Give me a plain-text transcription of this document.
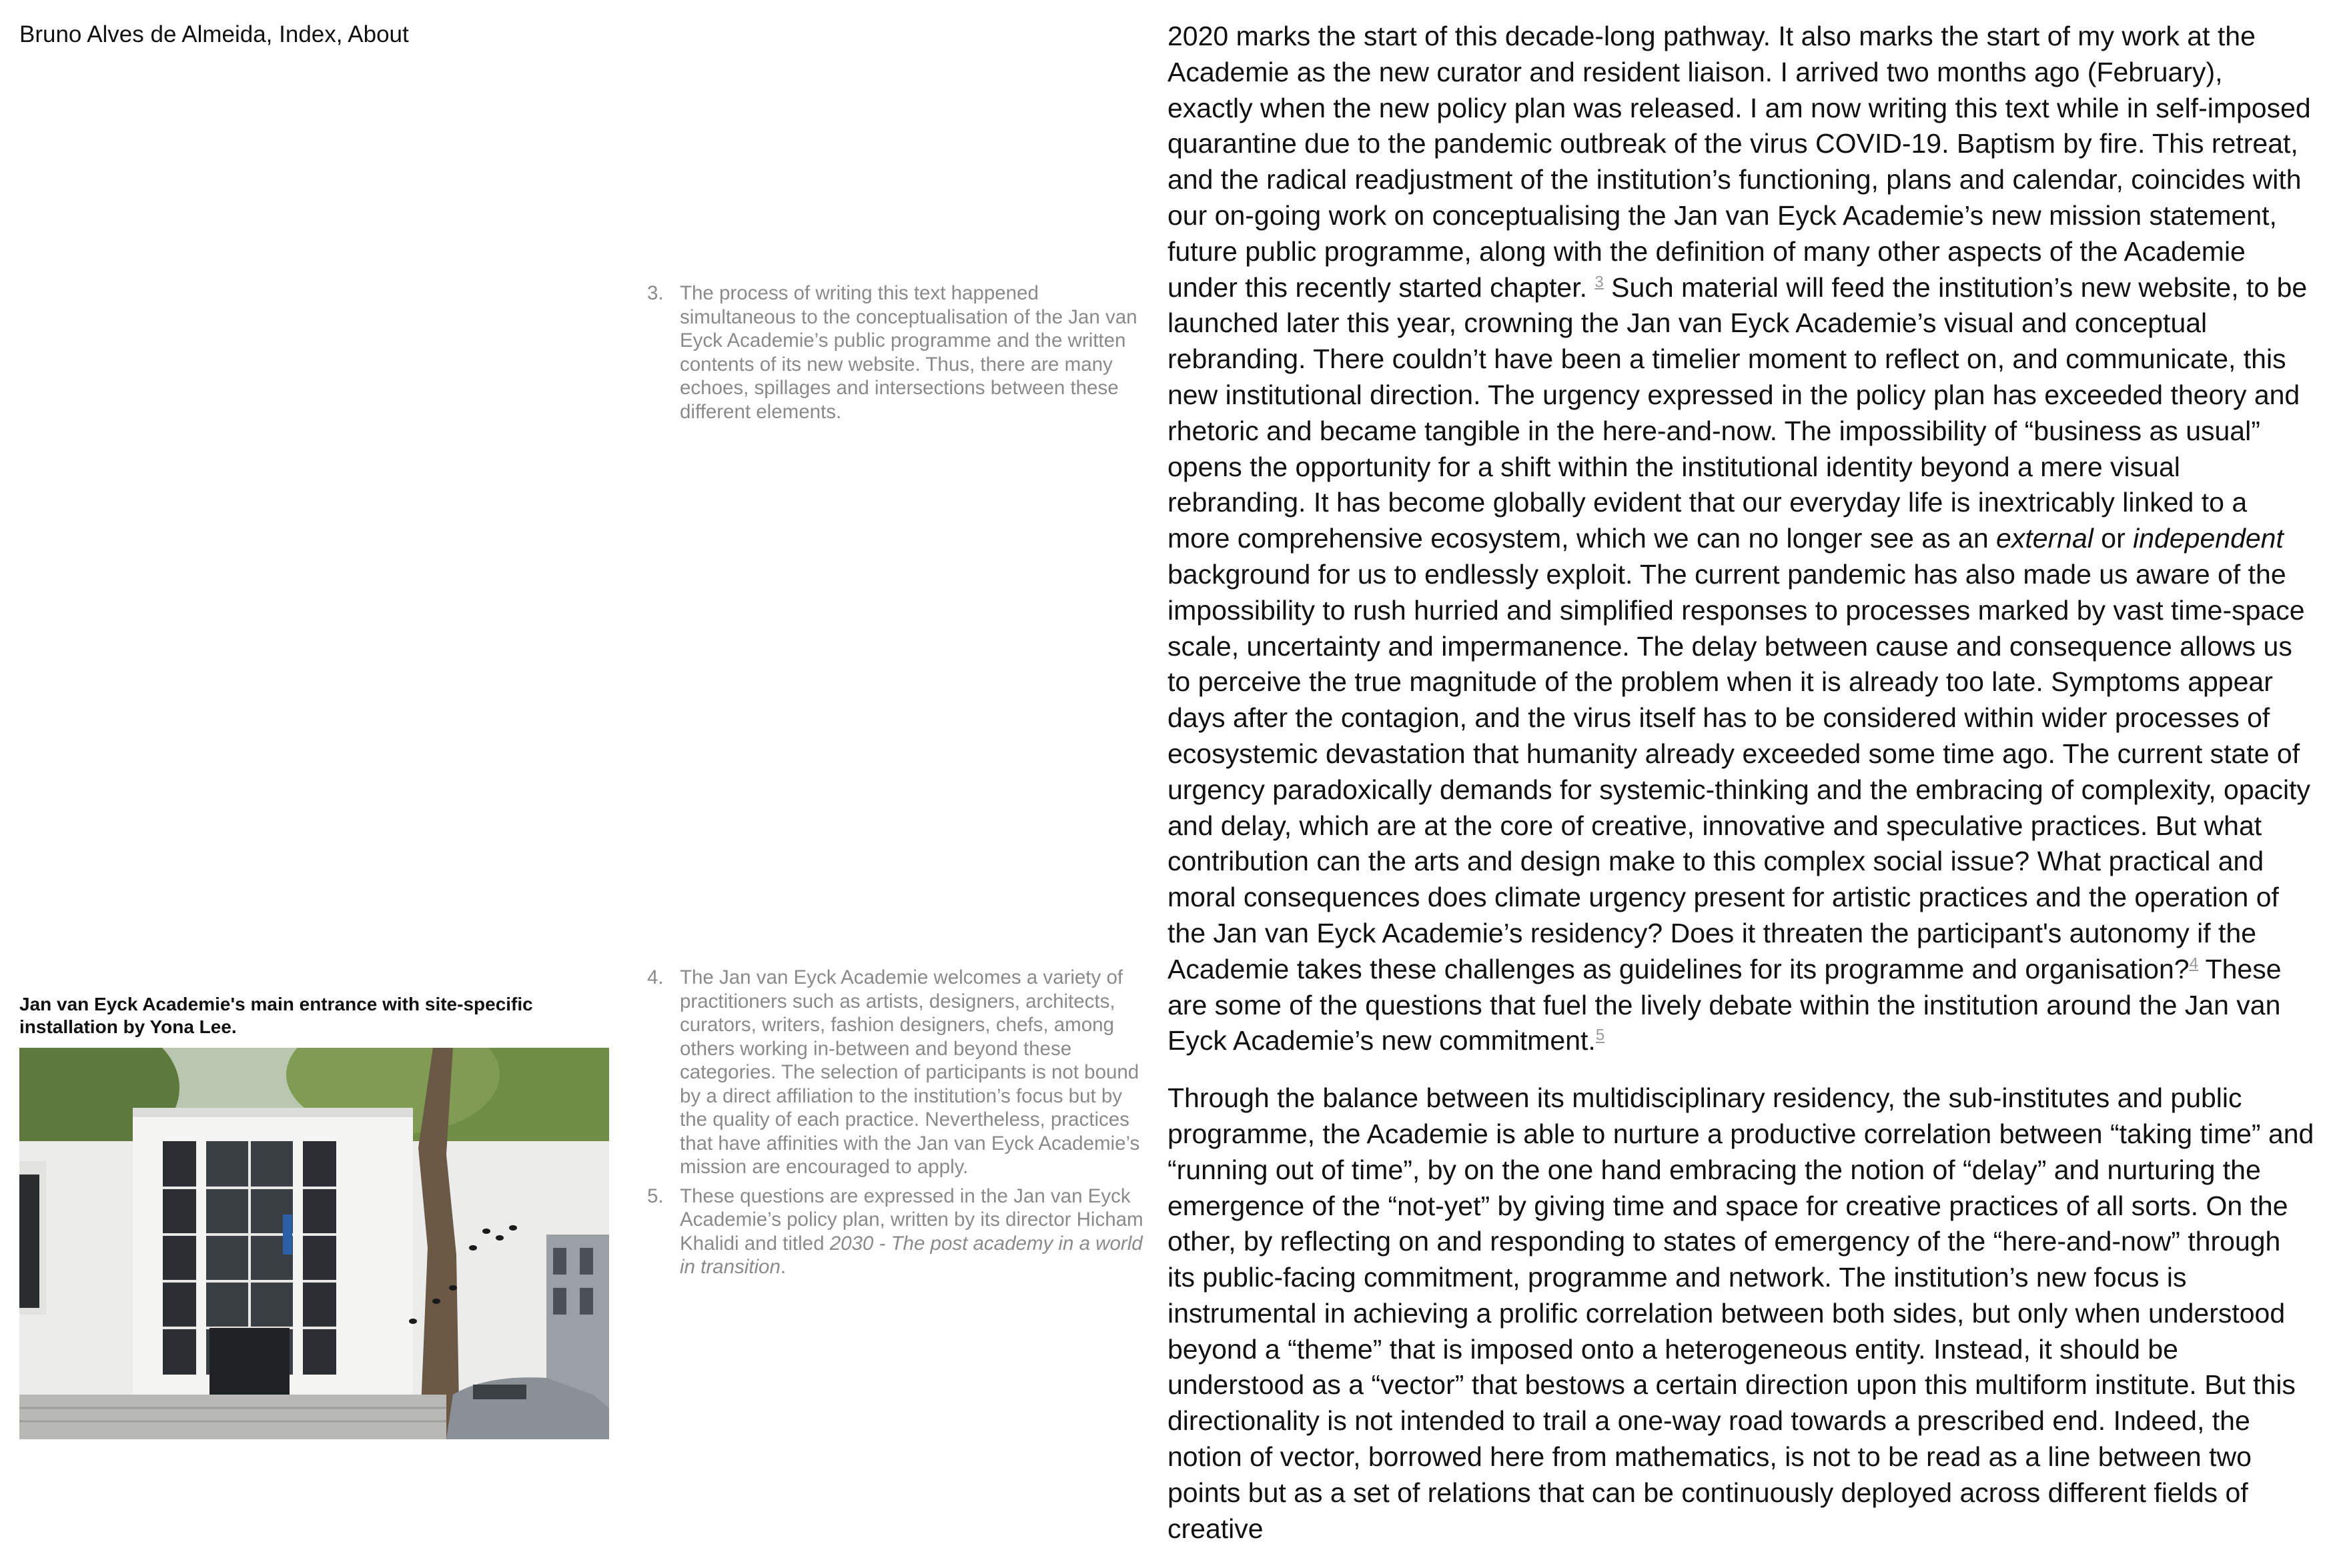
Bruno Alves de Almeida, Index, About
3. The process of writing this text happened simultaneous to the conceptualisation of the Jan van Eyck Academie’s public programme and the written contents of its new website. Thus, there are many echoes, spillages and intersections between these different elements.
4. The Jan van Eyck Academie welcomes a variety of practitioners such as artists, designers, architects, curators, writers, fashion designers, chefs, among others working in-between and beyond these categories. The selection of participants is not bound by a direct affiliation to the institution’s focus but by the quality of each practice. Nevertheless, practices that have affinities with the Jan van Eyck Academie’s mission are encouraged to apply.
5. These questions are expressed in the Jan van Eyck Academie’s policy plan, written by its director Hicham Khalidi and titled 2030 - The post academy in a world in transition.
Jan van Eyck Academie's main entrance with site-specific installation by Yona Lee.

2020 marks the start of this decade-long pathway. It also marks the start of my work at the Academie as the new curator and resident liaison. I arrived two months ago (February), exactly when the new policy plan was released. I am now writing this text while in self-imposed quarantine due to the pandemic outbreak of the virus COVID-19. Baptism by fire. This retreat, and the radical readjustment of the institution’s functioning, plans and calendar, coincides with our on-going work on conceptualising the Jan van Eyck Academie’s new mission statement, future public programme, along with the definition of many other aspects of the Academie under this recently started chapter. $^3$ Such material will feed the institution’s new website, to be launched later this year, crowning the Jan van Eyck Academie’s visual and conceptual rebranding. There couldn’t have been a timelier moment to reflect on, and communicate, this new institutional direction. The urgency expressed in the policy plan has exceeded theory and rhetoric and became tangible in the here-and-now. The impossibility of “business as usual” opens the opportunity for a shift within the institutional identity beyond a mere visual rebranding. It has become globally evident that our everyday life is inextricably linked to a more comprehensive ecosystem, which we can no longer see as an external or independent background for us to endlessly exploit. The current pandemic has also made us aware of the impossibility to rush hurried and simplified responses to processes marked by vast time-space scale, uncertainty and impermanence. The delay between cause and consequence allows us to perceive the true magnitude of the problem when it is already too late. Symptoms appear days after the contagion, and the virus itself has to be considered within wider processes of ecosystemic devastation that humanity already exceeded some time ago. The current state of urgency paradoxically demands for systemic-thinking and the embracing of complexity, opacity and delay, which are at the core of creative, innovative and speculative practices. But what contribution can the arts and design make to this complex social issue? What practical and moral consequences does climate urgency present for artistic practices and the operation of the Jan van Eyck Academie’s residency? Does it threaten the participant's autonomy if the Academie takes these challenges as guidelines for its programme and organisation?$^4$ These are some of the questions that fuel the lively debate within the institution around the Jan van Eyck Academie’s new commitment.$^5$

Through the balance between its multidisciplinary residency, the sub-institutes and public programme, the Academie is able to nurture a productive correlation between “taking time” and “running out of time”, by on the one hand embracing the notion of “delay” and nurturing the emergence of the “not-yet” by giving time and space for creative practices of all sorts. On the other, by reflecting on and responding to states of emergency of the “here-and-now” through its public-facing commitment, programme and network. The institution’s new focus is instrumental in achieving a prolific correlation between both sides, but only when understood beyond a “theme” that is imposed onto a heterogeneous entity. Instead, it should be understood as a “vector” that bestows a certain direction upon this multiform institute. But this directionality is not intended to trail a one-way road towards a prescribed end. Indeed, the notion of vector, borrowed here from mathematics, is not to be read as a line between two points but as a set of relations that can be continuously deployed across different fields of creative
